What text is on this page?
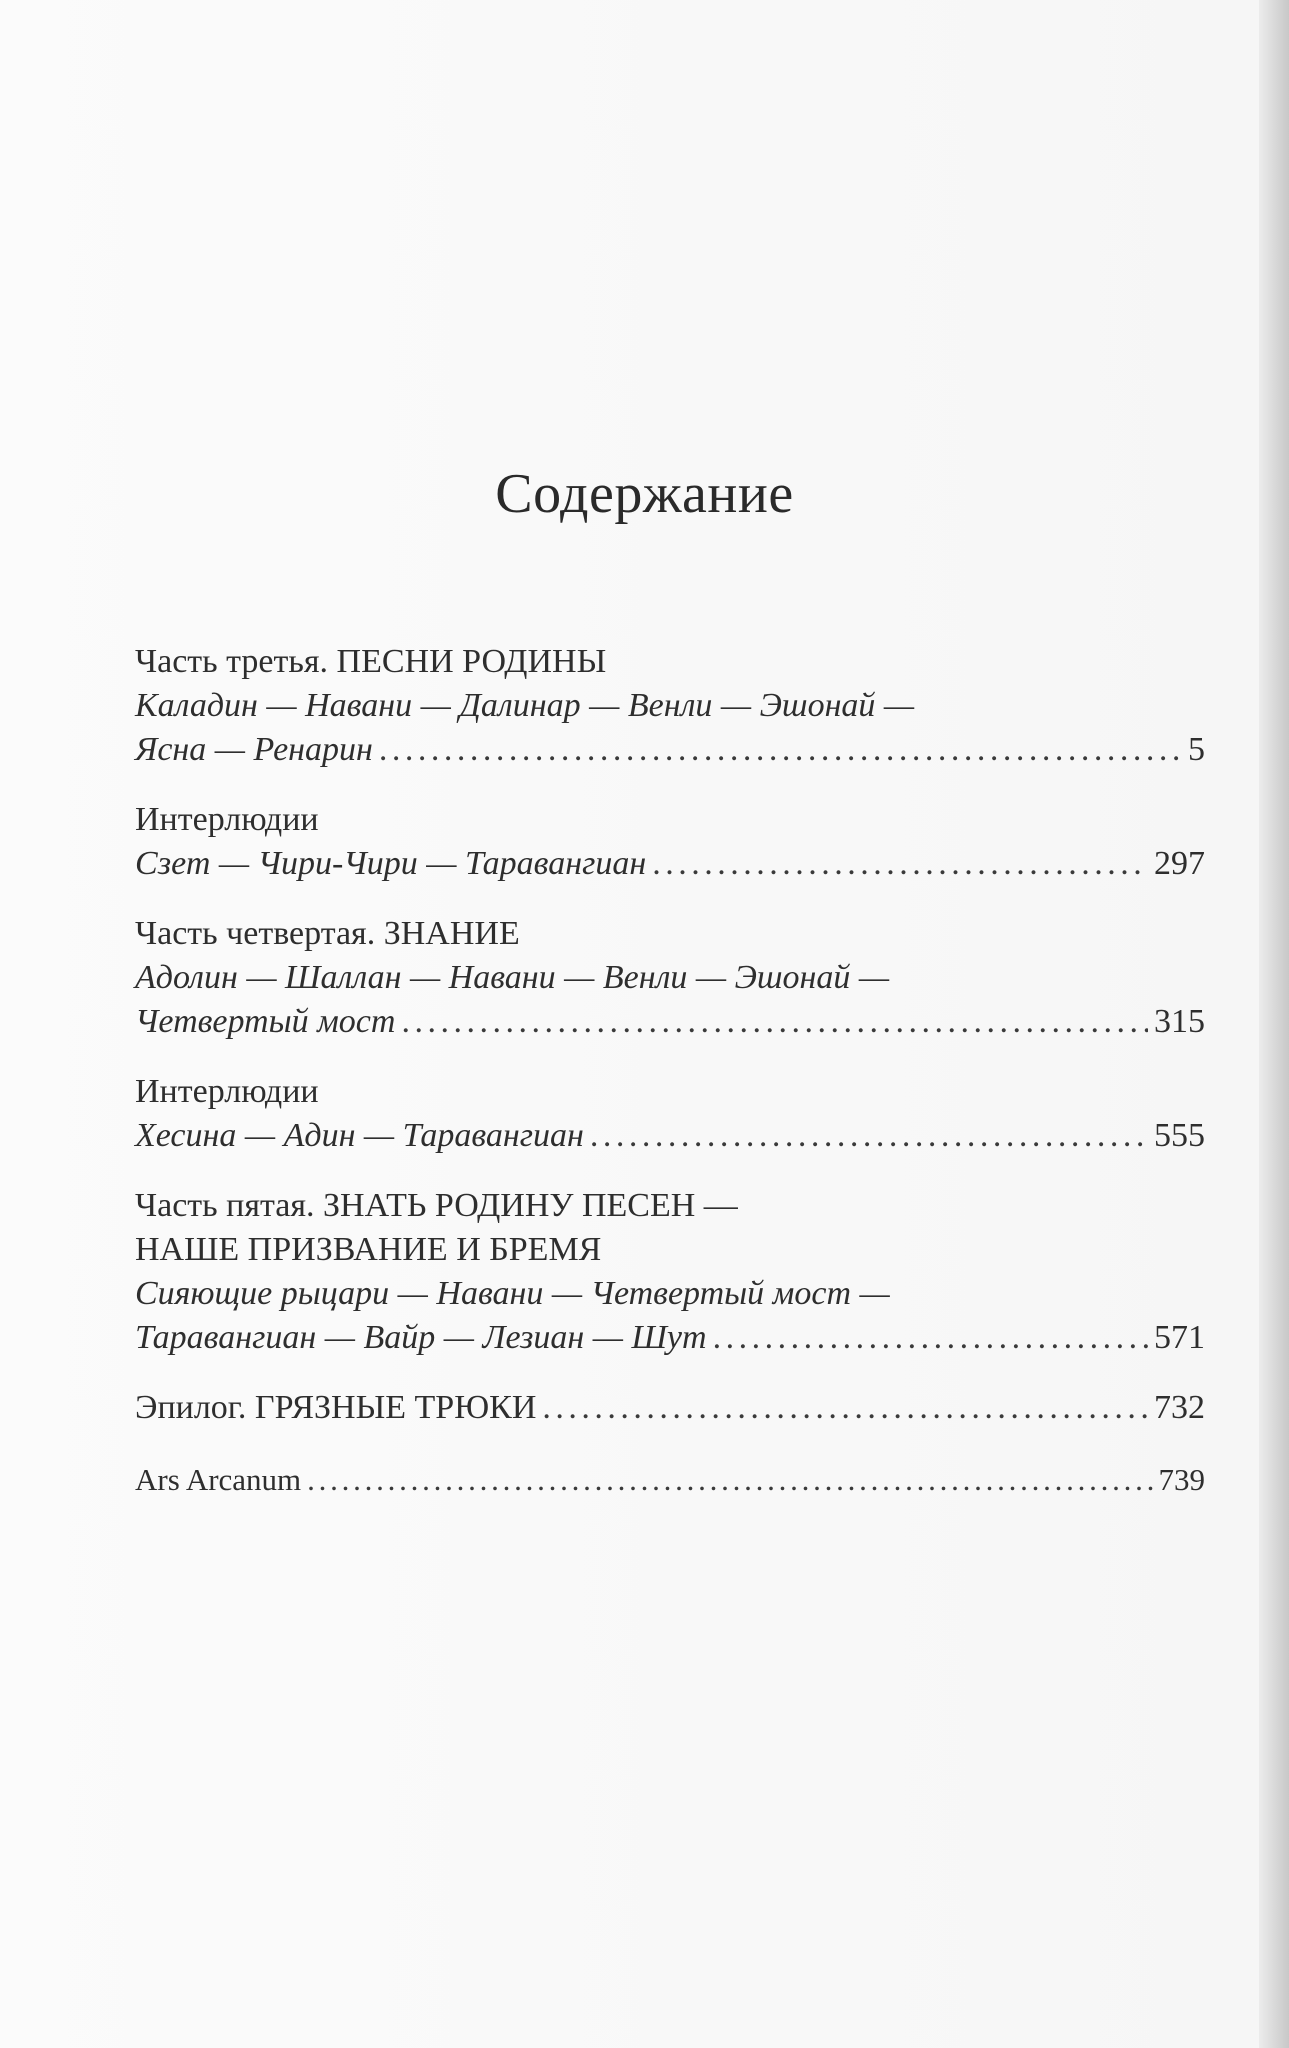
Содержание
Часть третья. ПЕСНИ РОДИНЫ
Каладин — Навани — Далинар — Венли — Эшонай —
Ясна — Ренарин . . .	5
Интерлюдии
Сзет — Чири-Чири — Таравангиан . . .	297
Часть четвертая. ЗНАНИЕ
Адолин — Шаллан — Навани — Венли — Эшонай —
Четвертый мост . . .	315
Интерлюдии
Хесина — Адин — Таравангиан . . .	555
Часть пятая. ЗНАТЬ РОДИНУ ПЕСЕН —
НАШЕ ПРИЗВАНИЕ И БРЕМЯ
Сияющие рыцари — Навани — Четвертый мост —
Таравангиан — Вайр — Лезиан — Шут . . .	571
Эпилог. ГРЯЗНЫЕ ТРЮКИ . . .	732
Ars Arcanum . . .	739
